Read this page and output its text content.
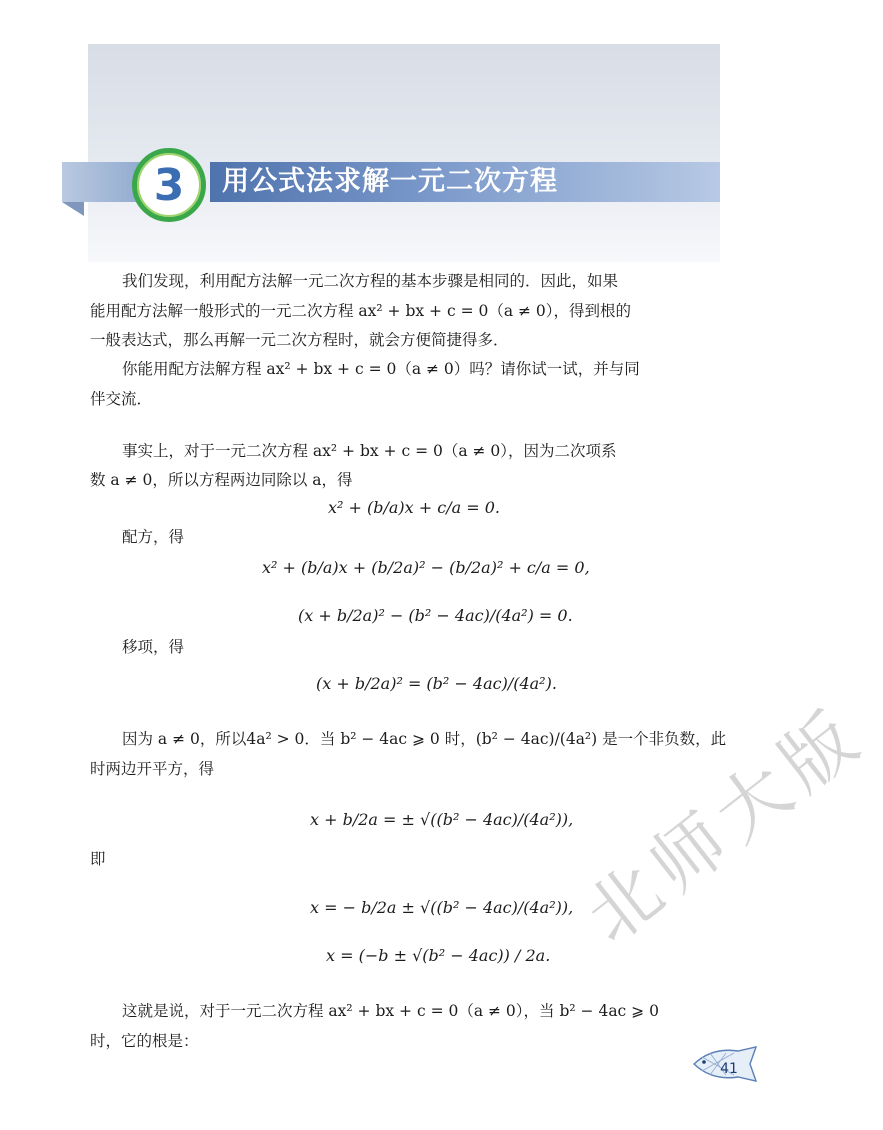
3	用公式法求解一元二次方程
我们发现，利用配方法解一元二次方程的基本步骤是相同的．因此，如果
能用配方法解一般形式的一元二次方程 ax² + bx + c = 0（a ≠ 0），得到根的
一般表达式，那么再解一元二次方程时，就会方便简捷得多．
你能用配方法解方程 ax² + bx + c = 0（a ≠ 0）吗？请你试一试，并与同
伴交流．
事实上，对于一元二次方程 ax² + bx + c = 0（a ≠ 0），因为二次项系
数 a ≠ 0，所以方程两边同除以 a，得
x² + (b/a)x + c/a = 0.
配方，得
x² + (b/a)x + (b/2a)² − (b/2a)² + c/a = 0,
(x + b/2a)² − (b² − 4ac)/(4a²) = 0.
移项，得
(x + b/2a)² = (b² − 4ac)/(4a²).
因为 a ≠ 0，所以4a² > 0．当 b² − 4ac ⩾ 0 时，(b² − 4ac)/(4a²) 是一个非负数，此
时两边开平方，得
x + b/2a = ± √((b² − 4ac)/(4a²)),
即
x = − b/2a ± √((b² − 4ac)/(4a²)),
x = (−b ± √(b² − 4ac)) / 2a.
这就是说，对于一元二次方程 ax² + bx + c = 0（a ≠ 0），当 b² − 4ac ⩾ 0
时，它的根是：
北师大版
41
